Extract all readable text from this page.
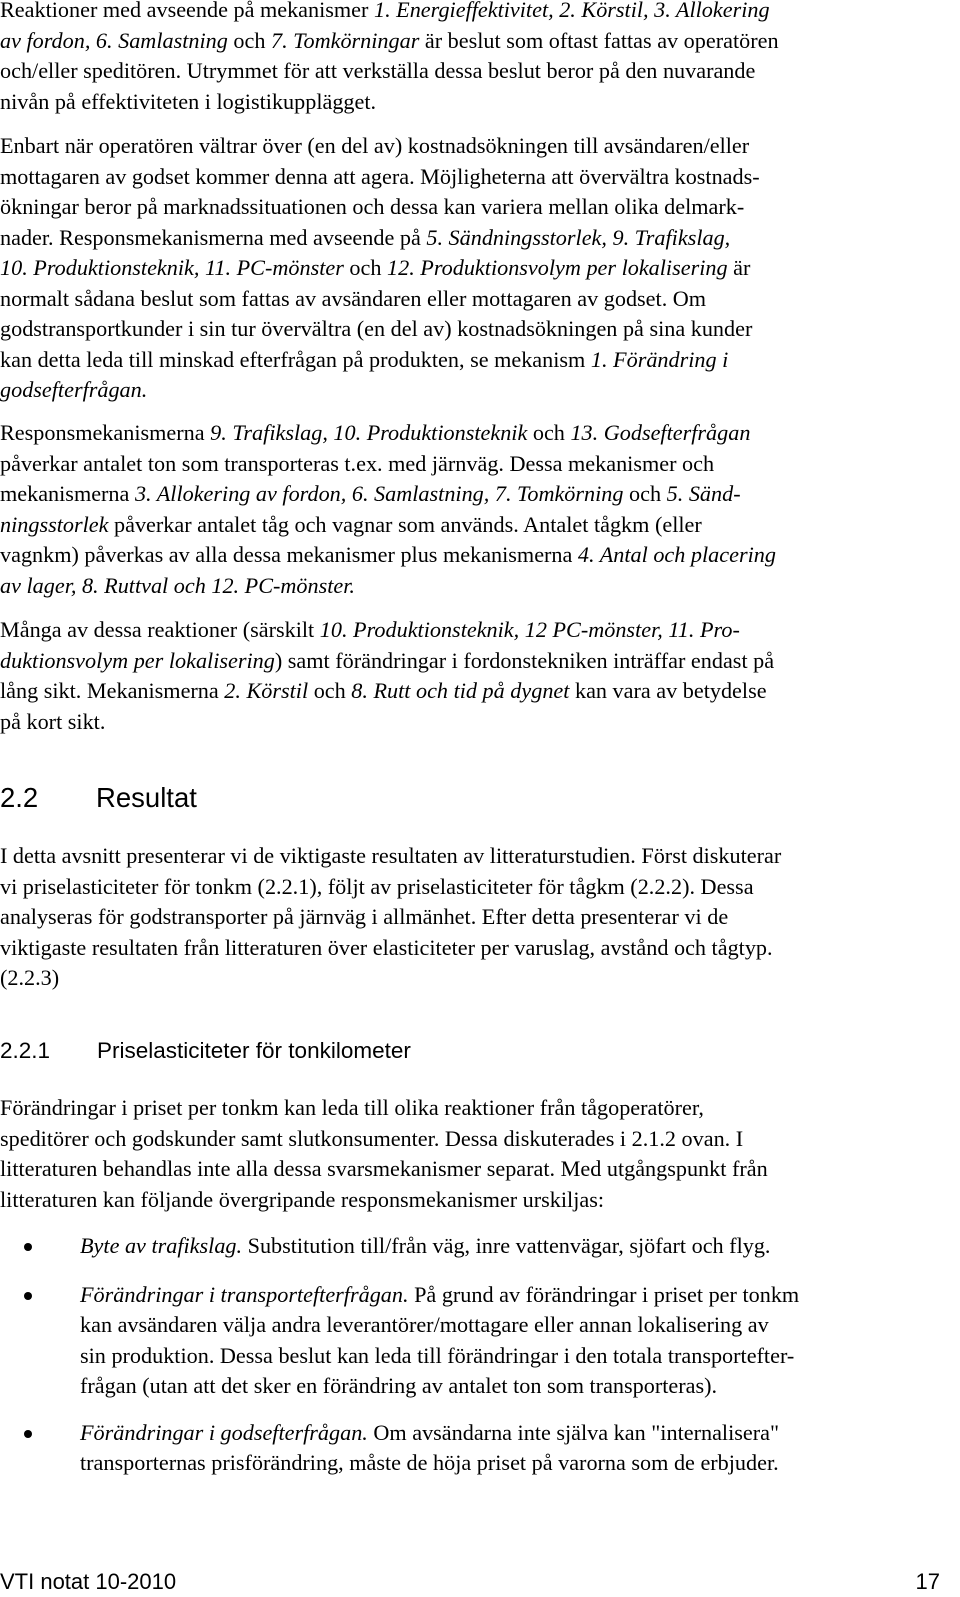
Reaktioner med avseende på mekanismer 1. Energieffektivitet, 2. Körstil, 3. Allokering
av fordon, 6. Samlastning och 7. Tomkörningar är beslut som oftast fattas av operatören
och/eller speditören. Utrymmet för att verkställa dessa beslut beror på den nuvarande
nivån på effektiviteten i logistikupplägget.
Enbart när operatören vältrar över (en del av) kostnadsökningen till avsändaren/eller
mottagaren av godset kommer denna att agera. Möjligheterna att övervältra kostnads-
ökningar beror på marknadssituationen och dessa kan variera mellan olika delmark-
nader. Responsmekanismerna med avseende på 5. Sändningsstorlek, 9. Trafikslag,
10. Produktionsteknik, 11. PC-mönster och 12. Produktionsvolym per lokalisering är
normalt sådana beslut som fattas av avsändaren eller mottagaren av godset. Om
godstransportkunder i sin tur övervältra (en del av) kostnadsökningen på sina kunder
kan detta leda till minskad efterfrågan på produkten, se mekanism 1. Förändring i
godsefterfrågan.
Responsmekanismerna 9. Trafikslag, 10. Produktionsteknik och 13. Godsefterfrågan
påverkar antalet ton som transporteras t.ex. med järnväg. Dessa mekanismer och
mekanismerna 3. Allokering av fordon, 6. Samlastning, 7. Tomkörning och 5. Sänd-
ningsstorlek påverkar antalet tåg och vagnar som används. Antalet tågkm (eller
vagnkm) påverkas av alla dessa mekanismer plus mekanismerna 4. Antal och placering
av lager, 8. Ruttval och 12. PC-mönster.
Många av dessa reaktioner (särskilt 10. Produktionsteknik, 12 PC-mönster, 11. Pro-
duktionsvolym per lokalisering) samt förändringar i fordonstekniken inträffar endast på
lång sikt. Mekanismerna 2. Körstil och 8. Rutt och tid på dygnet kan vara av betydelse
på kort sikt.
2.2 Resultat
I detta avsnitt presenterar vi de viktigaste resultaten av litteraturstudien. Först diskuterar
vi priselasticiteter för tonkm (2.2.1), följt av priselasticiteter för tågkm (2.2.2). Dessa
analyseras för godstransporter på järnväg i allmänhet. Efter detta presenterar vi de
viktigaste resultaten från litteraturen över elasticiteter per varuslag, avstånd och tågtyp.
(2.2.3)
2.2.1 Priselasticiteter för tonkilometer
Förändringar i priset per tonkm kan leda till olika reaktioner från tågoperatörer,
speditörer och godskunder samt slutkonsumenter. Dessa diskuterades i 2.1.2 ovan. I
litteraturen behandlas inte alla dessa svarsmekanismer separat. Med utgångspunkt från
litteraturen kan följande övergripande responsmekanismer urskiljas:
Byte av trafikslag. Substitution till/från väg, inre vattenvägar, sjöfart och flyg.
Förändringar i transportefterfrågan. På grund av förändringar i priset per tonkm
kan avsändaren välja andra leverantörer/mottagare eller annan lokalisering av
sin produktion. Dessa beslut kan leda till förändringar i den totala transportefter-
frågan (utan att det sker en förändring av antalet ton som transporteras).
Förändringar i godsefterfrågan. Om avsändarna inte själva kan "internalisera"
transporternas prisförändring, måste de höja priset på varorna som de erbjuder.
VTI notat 10-2010	17
